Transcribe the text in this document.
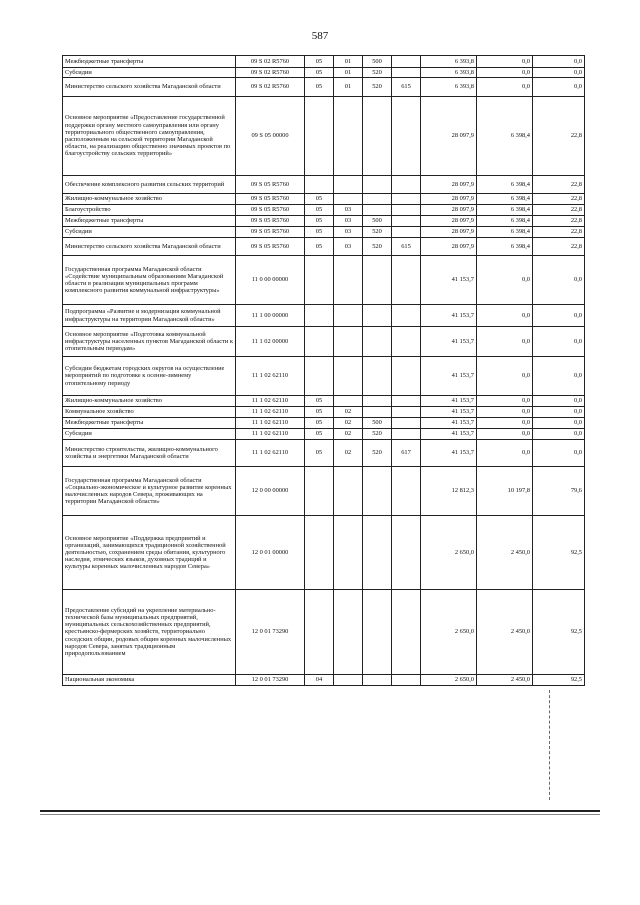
587
Межбюджетные трансферты	09 S 02 R5760	05	01	500		6 393,8	0,0	0,0
Субсидии	09 S 02 R5760	05	01	520		6 393,8	0,0	0,0
Министерство сельского хозяйства Магаданской области	09 S 02 R5760	05	01	520	615	6 393,8	0,0	0,0
Основное мероприятие «Предоставление государственной поддержки органу местного самоуправления или органу территориального общественного самоуправления, расположенным на сельской территории Магаданской области, на реализацию общественно значимых проектов по благоустройству сельских территорий»	09 S 05 00000					28 097,9	6 398,4	22,8
Обеспечение комплексного развития сельских территорий	09 S 05 R5760					28 097,9	6 398,4	22,8
Жилищно-коммунальное хозяйство	09 S 05 R5760	05				28 097,9	6 398,4	22,8
Благоустройство	09 S 05 R5760	05	03			28 097,9	6 398,4	22,8
Межбюджетные трансферты	09 S 05 R5760	05	03	500		28 097,9	6 398,4	22,8
Субсидии	09 S 05 R5760	05	03	520		28 097,9	6 398,4	22,8
Министерство сельского хозяйства Магаданской области	09 S 05 R5760	05	03	520	615	28 097,9	6 398,4	22,8
Государственная программа Магаданской области «Содействие муниципальным образованиям Магаданской области в реализации муниципальных программ комплексного развития коммунальной инфраструктуры»	11 0 00 00000					41 153,7	0,0	0,0
Подпрограмма «Развитие и модернизация коммунальной инфраструктуры на территории Магаданской области»	11 1 00 00000					41 153,7	0,0	0,0
Основное мероприятие «Подготовка коммунальной инфраструктуры населенных пунктов Магаданской области к отопительным периодам»	11 1 02 00000					41 153,7	0,0	0,0
Субсидии бюджетам городских округов на осуществление мероприятий по подготовке к осенне-зимнему отопительному периоду	11 1 02 62110					41 153,7	0,0	0,0
Жилищно-коммунальное хозяйство	11 1 02 62110	05				41 153,7	0,0	0,0
Коммунальное хозяйство	11 1 02 62110	05	02			41 153,7	0,0	0,0
Межбюджетные трансферты	11 1 02 62110	05	02	500		41 153,7	0,0	0,0
Субсидии	11 1 02 62110	05	02	520		41 153,7	0,0	0,0
Министерство строительства, жилищно-коммунального хозяйства и энергетики Магаданской области	11 1 02 62110	05	02	520	617	41 153,7	0,0	0,0
Государственная программа Магаданской области «Социально-экономическое и культурное развитие коренных малочисленных народов Севера, проживающих на территории Магаданской области»	12 0 00 00000					12 812,3	10 197,8	79,6
Основное мероприятие «Поддержка предприятий и организаций, занимающихся традиционной хозяйственной деятельностью, сохранением среды обитания, культурного наследия, этнических языков, духовных традиций и культуры коренных малочисленных народов Севера»	12 0 01 00000					2 650,0	2 450,0	92,5
Предоставление субсидий на укрепление материально-технической базы муниципальных предприятий, муниципальных сельскохозяйственных предприятий, крестьянско-фермерских хозяйств, территориально соседских общин, родовых общин коренных малочисленных народов Севера, занятых традиционным природопользованием	12 0 01 73290					2 650,0	2 450,0	92,5
Национальная экономика	12 0 01 73290	04				2 650,0	2 450,0	92,5
